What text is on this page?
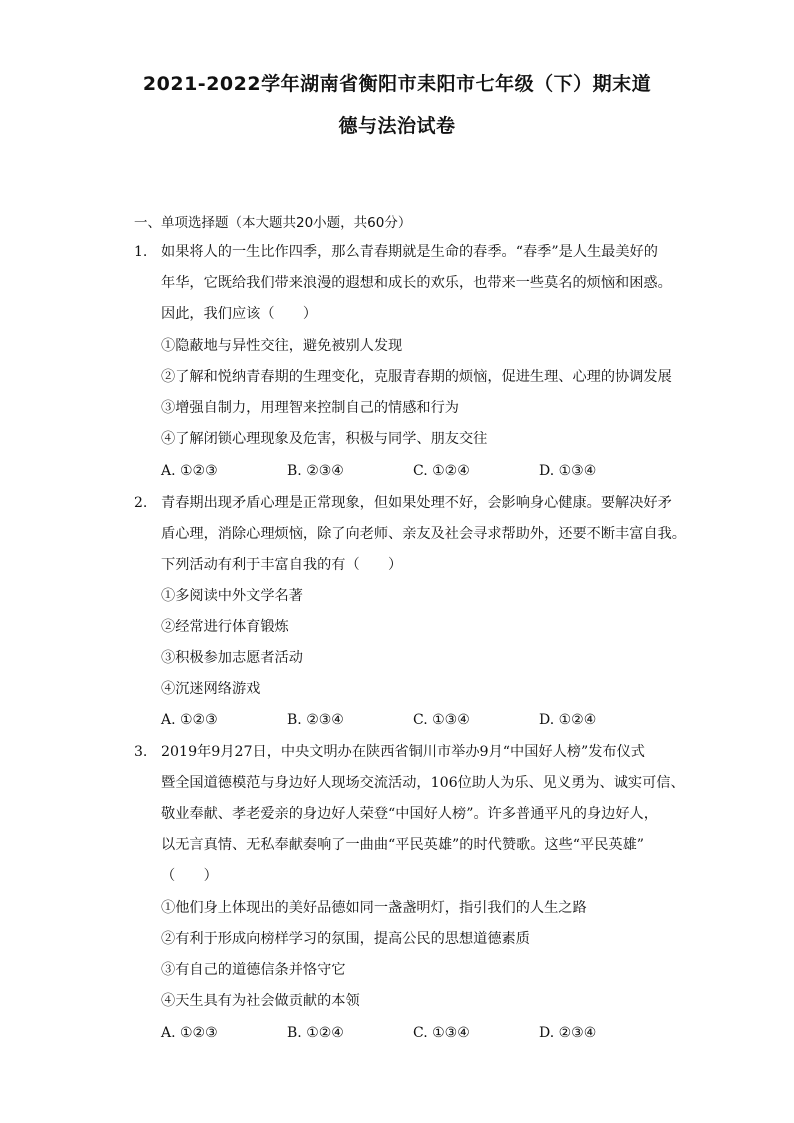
2021-2022学年湖南省衡阳市耒阳市七年级（下）期末道
德与法治试卷
一、单项选择题（本大题共20小题，共60分）
1. 如果将人的一生比作四季，那么青春期就是生命的春季。“春季”是人生最美好的
年华，它既给我们带来浪漫的遐想和成长的欢乐，也带来一些莫名的烦恼和困惑。
因此，我们应该（　　）
①隐蔽地与异性交往，避免被别人发现
②了解和悦纳青春期的生理变化，克服青春期的烦恼，促进生理、心理的协调发展
③增强自制力，用理智来控制自己的情感和行为
④了解闭锁心理现象及危害，积极与同学、朋友交往
A. ①②③	B. ②③④	C. ①②④	D. ①③④
2. 青春期出现矛盾心理是正常现象，但如果处理不好，会影响身心健康。要解决好矛
盾心理，消除心理烦恼，除了向老师、亲友及社会寻求帮助外，还要不断丰富自我。
下列活动有利于丰富自我的有（　　）
①多阅读中外文学名著
②经常进行体育锻炼
③积极参加志愿者活动
④沉迷网络游戏
A. ①②③	B. ②③④	C. ①③④	D. ①②④
3. 2019年9月27日，中央文明办在陕西省铜川市举办9月“中国好人榜”发布仪式
暨全国道德模范与身边好人现场交流活动，106位助人为乐、见义勇为、诚实可信、
敬业奉献、孝老爱亲的身边好人荣登“中国好人榜”。许多普通平凡的身边好人，
以无言真情、无私奉献奏响了一曲曲“平民英雄”的时代赞歌。这些“平民英雄”
（　　）
①他们身上体现出的美好品德如同一盏盏明灯，指引我们的人生之路
②有利于形成向榜样学习的氛围，提高公民的思想道德素质
③有自己的道德信条并恪守它
④天生具有为社会做贡献的本领
A. ①②③	B. ①②④	C. ①③④	D. ②③④
